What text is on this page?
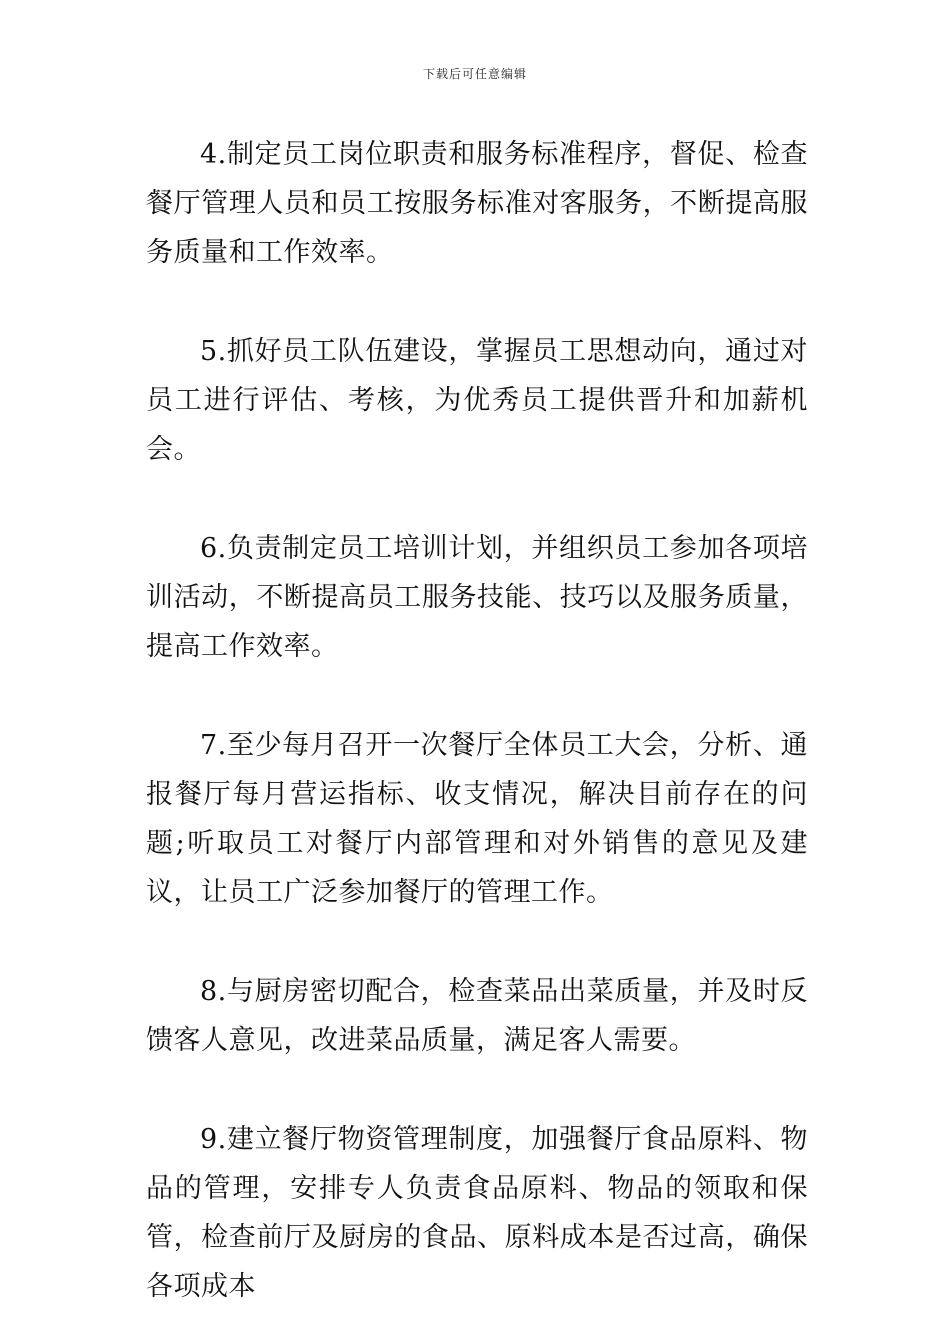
下载后可任意编辑

4.制定员工岗位职责和服务标准程序，督促、检查餐厅管理人员和员工按服务标准对客服务，不断提高服务质量和工作效率。

5.抓好员工队伍建设，掌握员工思想动向，通过对员工进行评估、考核，为优秀员工提供晋升和加薪机会。

6.负责制定员工培训计划，并组织员工参加各项培训活动，不断提高员工服务技能、技巧以及服务质量，提高工作效率。

7.至少每月召开一次餐厅全体员工大会，分析、通报餐厅每月营运指标、收支情况，解决目前存在的问题;听取员工对餐厅内部管理和对外销售的意见及建议，让员工广泛参加餐厅的管理工作。

8.与厨房密切配合，检查菜品出菜质量，并及时反馈客人意见，改进菜品质量，满足客人需要。

9.建立餐厅物资管理制度，加强餐厅食品原料、物品的管理，安排专人负责食品原料、物品的领取和保管，检查前厅及厨房的食品、原料成本是否过高，确保各项成本
